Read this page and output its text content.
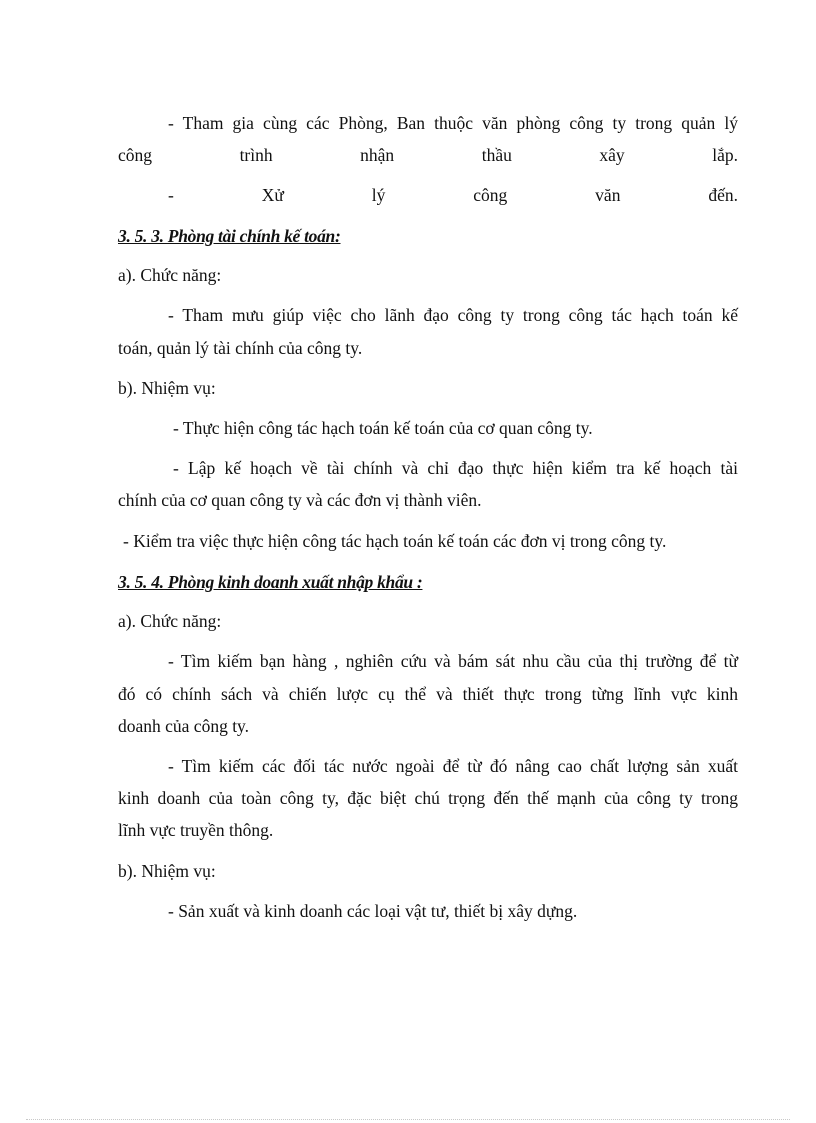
- Tham gia cùng các Phòng, Ban thuộc văn phòng công ty trong quản lý
công trình nhận thầu xây lắp.
- Xử lý công văn đến.
3. 5. 3. Phòng tài chính kế toán:
a). Chức năng:
- Tham mưu giúp việc cho lãnh đạo công ty trong công tác hạch toán kế
toán, quản lý tài chính của công ty.
b). Nhiệm vụ:
- Thực hiện công tác hạch toán kế toán của cơ quan công ty.
- Lập kế hoạch về tài chính và chỉ đạo thực hiện kiểm tra kế hoạch tài
chính của cơ quan công ty và các đơn vị thành viên.
- Kiểm tra việc thực hiện công tác hạch toán kế toán các đơn vị trong công ty.
3. 5. 4. Phòng kinh doanh xuất nhập khẩu :
a). Chức năng:
- Tìm kiếm bạn hàng , nghiên cứu và bám sát nhu cầu của thị trường để từ
đó có chính sách và chiến lược cụ thể và thiết thực trong từng lĩnh vực kinh
doanh của công ty.
- Tìm kiếm các đối tác nước ngoài để từ đó nâng cao chất lượng sản xuất
kinh doanh của toàn công ty, đặc biệt chú trọng đến thế mạnh của công ty trong
lĩnh vực truyền thông.
b). Nhiệm vụ:
- Sản xuất và kinh doanh các loại vật tư, thiết bị xây dựng.
